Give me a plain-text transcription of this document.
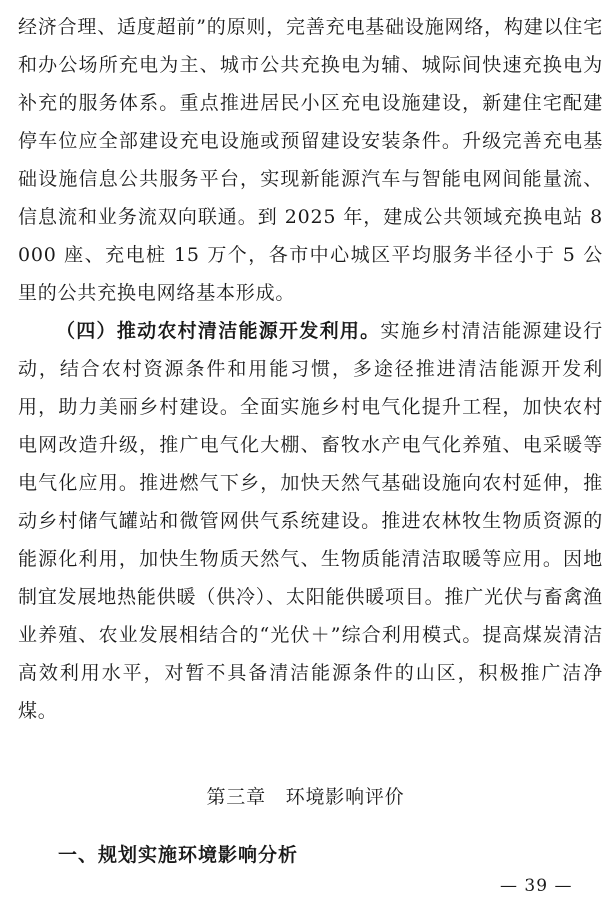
经济合理、适度超前”的原则，完善充电基础设施网络，构建以住宅和办公场所充电为主、城市公共充换电为辅、城际间快速充换电为补充的服务体系。重点推进居民小区充电设施建设，新建住宅配建停车位应全部建设充电设施或预留建设安装条件。升级完善充电基础设施信息公共服务平台，实现新能源汽车与智能电网间能量流、信息流和业务流双向联通。到 2025 年，建成公共领域充换电站 8000 座、充电桩 15 万个，各市中心城区平均服务半径小于 5 公里的公共充换电网络基本形成。

（四）推动农村清洁能源开发利用。实施乡村清洁能源建设行动，结合农村资源条件和用能习惯，多途径推进清洁能源开发利用，助力美丽乡村建设。全面实施乡村电气化提升工程，加快农村电网改造升级，推广电气化大棚、畜牧水产电气化养殖、电采暖等电气化应用。推进燃气下乡，加快天然气基础设施向农村延伸，推动乡村储气罐站和微管网供气系统建设。推进农林牧生物质资源的能源化利用，加快生物质天然气、生物质能清洁取暖等应用。因地制宜发展地热能供暖（供冷）、太阳能供暖项目。推广光伏与畜禽渔业养殖、农业发展相结合的“光伏＋”综合利用模式。提高煤炭清洁高效利用水平，对暂不具备清洁能源条件的山区，积极推广洁净煤。

第三章　环境影响评价
一、规划实施环境影响分析
— 39 —
